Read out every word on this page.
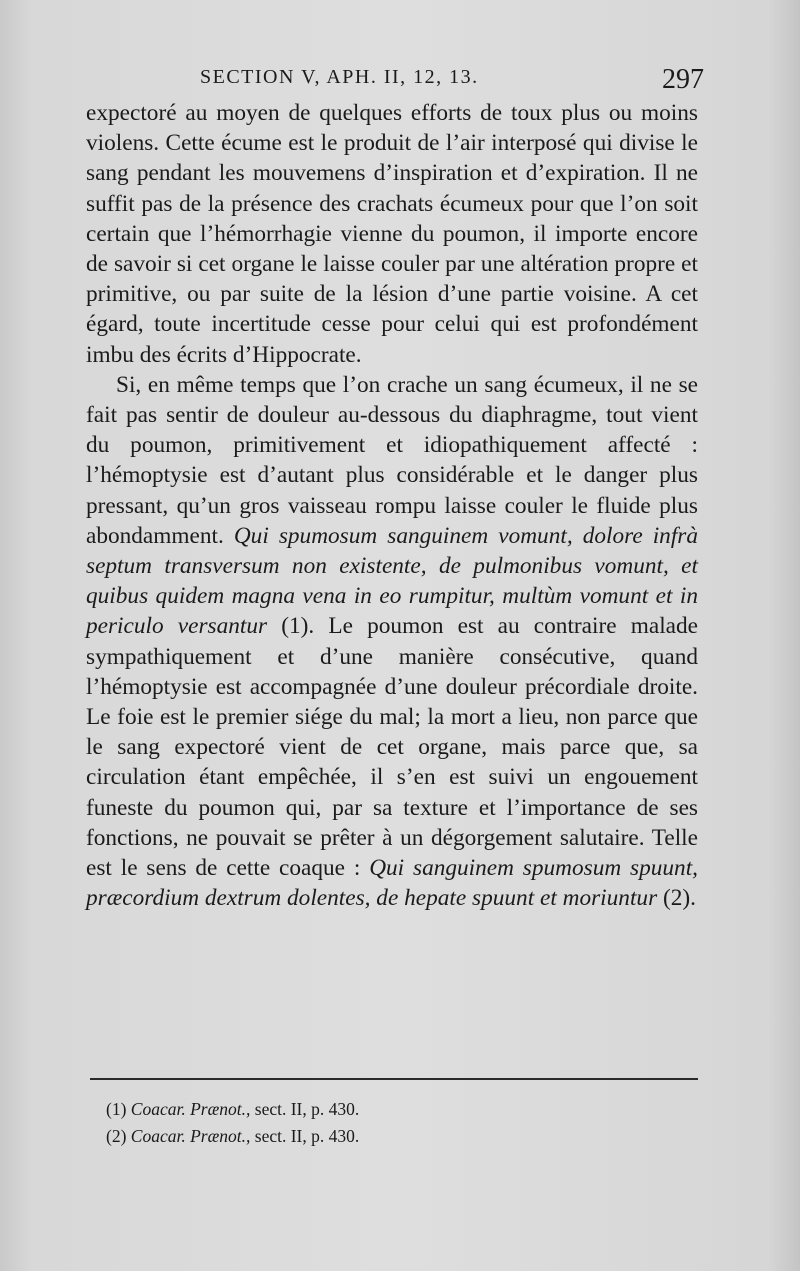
SECTION V, APH. II, 12, 13.	297

expectoré au moyen de quelques efforts de toux plus ou moins violens. Cette écume est le produit de l’air interposé qui divise le sang pendant les mouvemens d’inspiration et d’expiration. Il ne suffit pas de la présence des crachats écumeux pour que l’on soit certain que l’hémorrhagie vienne du poumon, il importe encore de savoir si cet organe le laisse couler par une altération propre et primitive, ou par suite de la lésion d’une partie voisine. A cet égard, toute incertitude cesse pour celui qui est profondément imbu des écrits d’Hippocrate.

Si, en même temps que l’on crache un sang écumeux, il ne se fait pas sentir de douleur au-dessous du diaphragme, tout vient du poumon, primitivement et idiopathiquement affecté : l’hémoptysie est d’autant plus considérable et le danger plus pressant, qu’un gros vaisseau rompu laisse couler le fluide plus abondamment. Qui spumosum sanguinem vomunt, dolore infrà septum transversum non existente, de pulmonibus vomunt, et quibus quidem magna vena in eo rumpitur, multùm vomunt et in periculo versantur (1). Le poumon est au contraire malade sympathiquement et d’une manière consécutive, quand l’hémoptysie est accompagnée d’une douleur précordiale droite. Le foie est le premier siége du mal; la mort a lieu, non parce que le sang expectoré vient de cet organe, mais parce que, sa circulation étant empêchée, il s’en est suivi un engouement funeste du poumon qui, par sa texture et l’importance de ses fonctions, ne pouvait se prêter à un dégorgement salutaire. Telle est le sens de cette coaque : Qui sanguinem spumosum spuunt, præcordium dextrum dolentes, de hepate spuunt et moriuntur (2).

(1) Coacar. Prænot., sect. II, p. 430.
(2) Coacar. Prænot., sect. II, p. 430.
